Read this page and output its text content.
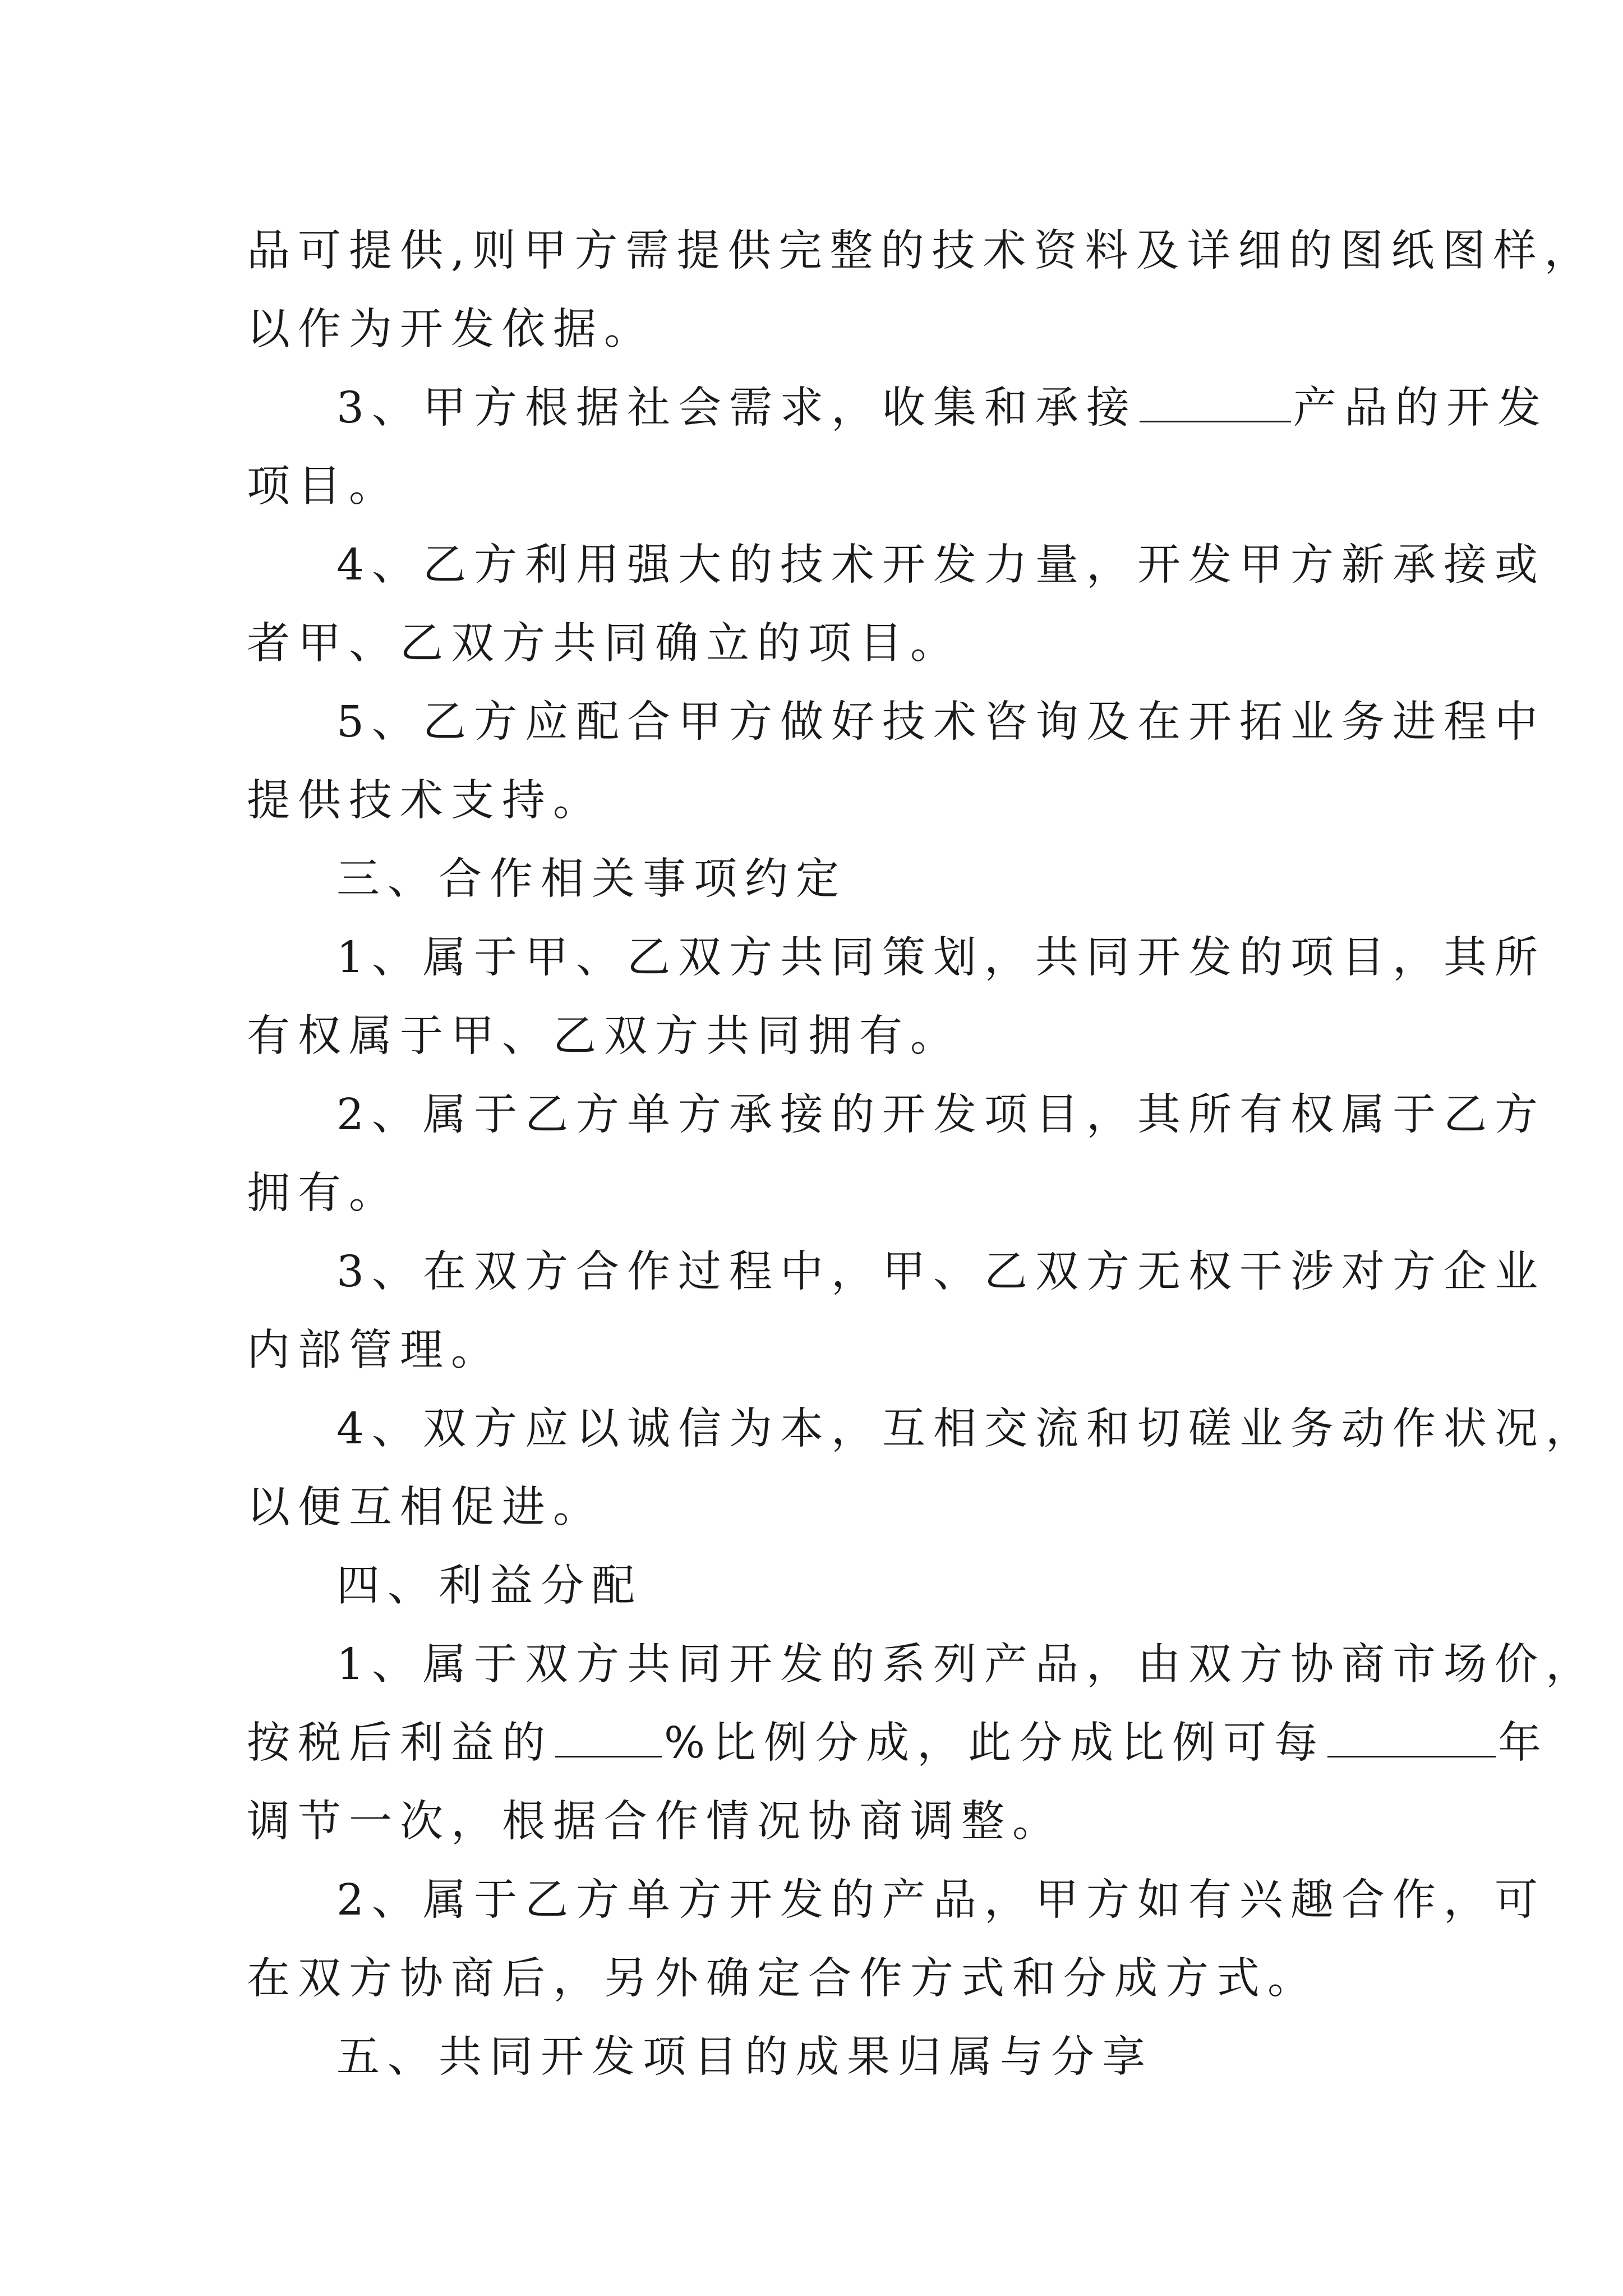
品可提供,则甲方需提供完整的技术资料及详细的图纸图样，
以作为开发依据。
3、甲方根据社会需求，收集和承接	产品的开发
项目。
4、乙方利用强大的技术开发力量，开发甲方新承接或
者甲、乙双方共同确立的项目。
5、乙方应配合甲方做好技术咨询及在开拓业务进程中
提供技术支持。
三、合作相关事项约定
1、属于甲、乙双方共同策划，共同开发的项目，其所
有权属于甲、乙双方共同拥有。
2、属于乙方单方承接的开发项目，其所有权属于乙方
拥有。
3、在双方合作过程中，甲、乙双方无权干涉对方企业
内部管理。
4、双方应以诚信为本，互相交流和切磋业务动作状况，
以便互相促进。
四、利益分配
1、属于双方共同开发的系列产品，由双方协商市场价，
按税后利益的	%比例分成，此分成比例可每	年
调节一次，根据合作情况协商调整。
2、属于乙方单方开发的产品，甲方如有兴趣合作，可
在双方协商后，另外确定合作方式和分成方式。
五、共同开发项目的成果归属与分享
